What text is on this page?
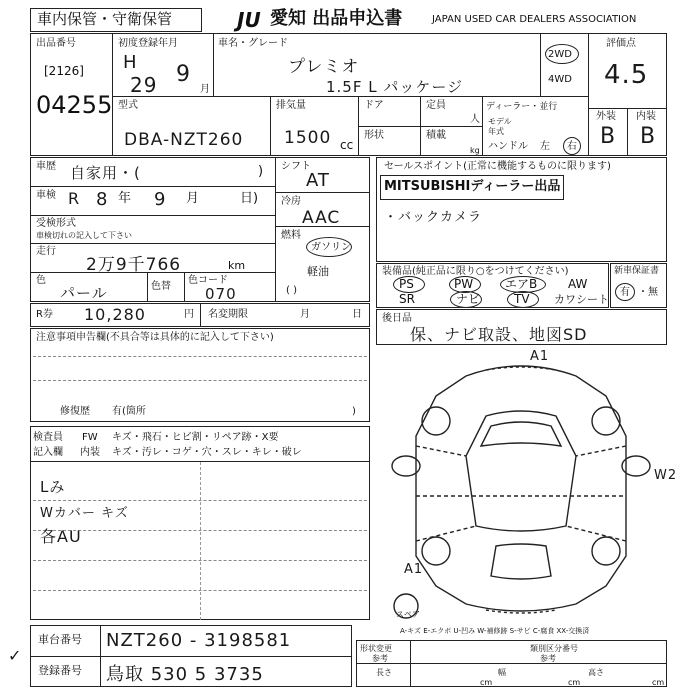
車内保管・守衛保管	JU 愛知 出品申込書	JAPAN USED CAR DEALERS ASSOCIATION
出品番号
[2126]
04255
初度登録年月
H
29 9
月
車名・グレード
プレミオ
1.5F L パッケージ
2WD
4WD
評価点
4.5
外装 内装
B B
型式
DBA-NZT260
排気量
1500 cc
ドア	定員
人
形状	積載
kg
ディーラー・並行
モデル
年式
ハンドル 左 右
車歴 自家用・(	)
車検 R 8 年 9 月	日)
受検形式
車検切れの記入して下さい
走行
2万9千766	km
色
パール	色替
色コード
070
シフト
AT
冷房
AAC
燃料
ガソリン
軽油
( )
セールスポイント(正常に機能するものに限ります)
MITSUBISHIディーラー出品
・バックカメラ
装備品(純正品に限り○をつけてください)
PS	PW	エアB	AW
SR	ナビ	TV カワシート
新車保証書
有 ・ 無
R券 10,280	円 名変期限	月	日 後日品
保、ナビ取設、地図SD
注意事項申告欄(不具合等は具体的に記入して下さい)
修復歴 有(箇所	)
検査員
記入欄
FW キズ・飛石・ヒビ割・リペア跡・X要
内装 キズ・汚レ・コゲ・穴・スレ・キレ・破レ
Lみ
Wカバー キズ
各AU
A1
W2
A1
スペア
A-キズ E-エクボ U-凹み W-補修跡 S-サビ C-腐食 XX-交換済
車台番号 NZT260 - 3198581
登録番号 鳥取 530 5 3735
✓	形状変更
参考
類別区分番号
参考
長さ	幅	高さ
cm	cm	cm
